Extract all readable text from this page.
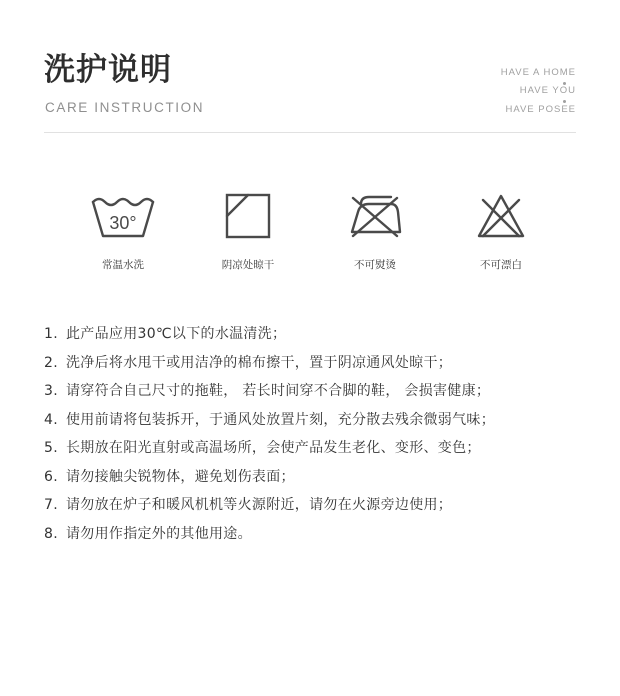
洗护说明
CARE INSTRUCTION
HAVE A HOME
HAVE YOU
HAVE POSEE
30°
常温水洗	阴凉处晾干	不可熨烫	不可漂白
1. 此产品应用30℃以下的水温清洗；
2. 洗净后将水甩干或用洁净的棉布擦干，置于阴凉通风处晾干；
3. 请穿符合自己尺寸的拖鞋， 若长时间穿不合脚的鞋， 会损害健康；
4. 使用前请将包装拆开，于通风处放置片刻，充分散去残余微弱气味；
5. 长期放在阳光直射或高温场所，会使产品发生老化、变形、变色；
6. 请勿接触尖锐物体，避免划伤表面；
7. 请勿放在炉子和暖风机机等火源附近，请勿在火源旁边使用；
8. 请勿用作指定外的其他用途。
